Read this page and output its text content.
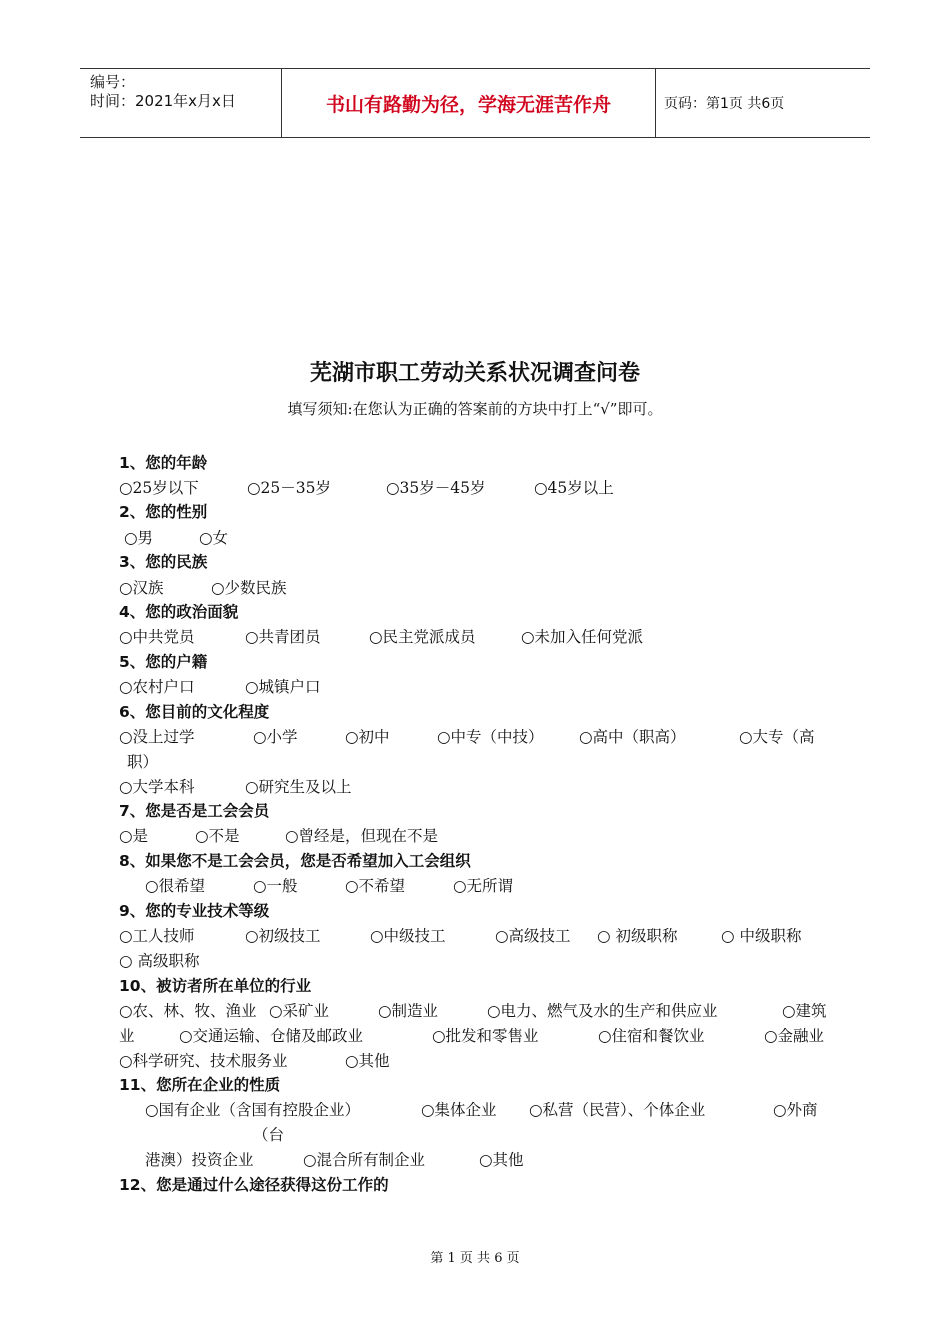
编号：
时间：2021年x月x日	书山有路勤为径，学海无涯苦作舟	页码：第1页 共6页
芜湖市职工劳动关系状况调查问卷
填写须知:在您认为正确的答案前的方块中打上“√”即可。
1、您的年龄
○25岁以下	○25－35岁	○35岁－45岁	○45岁以上
2、您的性别
○男	○女
3、您的民族
○汉族	○少数民族
4、您的政治面貌
○中共党员	○共青团员	○民主党派成员	○未加入任何党派
5、您的户籍
○农村户口	○城镇户口
6、您目前的文化程度
○没上过学	○小学	○初中	○中专（中技） ○高中（职高）	○大专（高
职）
○大学本科	○研究生及以上
7、您是否是工会会员
○是	○不是	○曾经是，但现在不是
8、如果您不是工会会员，您是否希望加入工会组织
○很希望	○一般	○不希望	○无所谓
9、您的专业技术等级
○工人技师	○初级技工	○中级技工	○高级技工 ○ 初级职称	○ 中级职称
○ 高级职称
10、被访者所在单位的行业
○农、林、牧、渔业 ○采矿业	○制造业	○电力、燃气及水的生产和供应业	○建筑
业	○交通运输、仓储及邮政业	○批发和零售业	○住宿和餐饮业	○金融业
○科学研究、技术服务业	○其他
11、您所在企业的性质
○国有企业（含国有控股企业）	○集体企业 ○私营（民营）、个体企业	○外商
（台
港澳）投资企业	○混合所有制企业	○其他
12、您是通过什么途径获得这份工作的
第 1 页 共 6 页
